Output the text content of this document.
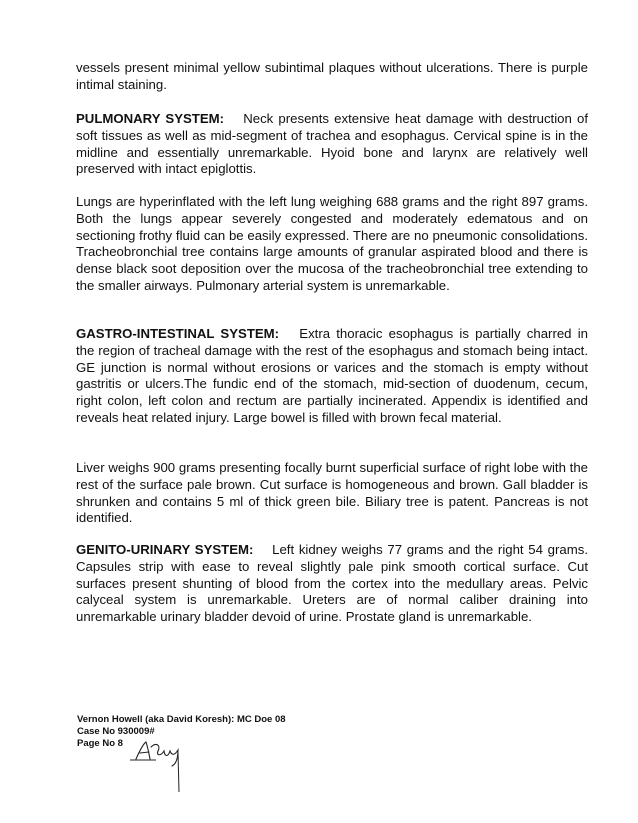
vessels present minimal yellow subintimal plaques without ulcerations. There is purple intimal staining.

PULMONARY SYSTEM: Neck presents extensive heat damage with destruction of soft tissues as well as mid-segment of trachea and esophagus. Cervical spine is in the midline and essentially unremarkable. Hyoid bone and larynx are relatively well preserved with intact epiglottis.

Lungs are hyperinflated with the left lung weighing 688 grams and the right 897 grams. Both the lungs appear severely congested and moderately edematous and on sectioning frothy fluid can be easily expressed. There are no pneumonic consolidations. Tracheobronchial tree contains large amounts of granular aspirated blood and there is dense black soot deposition over the mucosa of the tracheobronchial tree extending to the smaller airways. Pulmonary arterial system is unremarkable.

GASTRO-INTESTINAL SYSTEM: Extra thoracic esophagus is partially charred in the region of tracheal damage with the rest of the esophagus and stomach being intact. GE junction is normal without erosions or varices and the stomach is empty without gastritis or ulcers.The fundic end of the stomach, mid-section of duodenum, cecum, right colon, left colon and rectum are partially incinerated. Appendix is identified and reveals heat related injury. Large bowel is filled with brown fecal material.

Liver weighs 900 grams presenting focally burnt superficial surface of right lobe with the rest of the surface pale brown. Cut surface is homogeneous and brown. Gall bladder is shrunken and contains 5 ml of thick green bile. Biliary tree is patent. Pancreas is not identified.

GENITO-URINARY SYSTEM: Left kidney weighs 77 grams and the right 54 grams. Capsules strip with ease to reveal slightly pale pink smooth cortical surface. Cut surfaces present shunting of blood from the cortex into the medullary areas. Pelvic calyceal system is unremarkable. Ureters are of normal caliber draining into unremarkable urinary bladder devoid of urine. Prostate gland is unremarkable.

Vernon Howell (aka David Koresh): MC Doe 08
Case No 930009#
Page No 8
